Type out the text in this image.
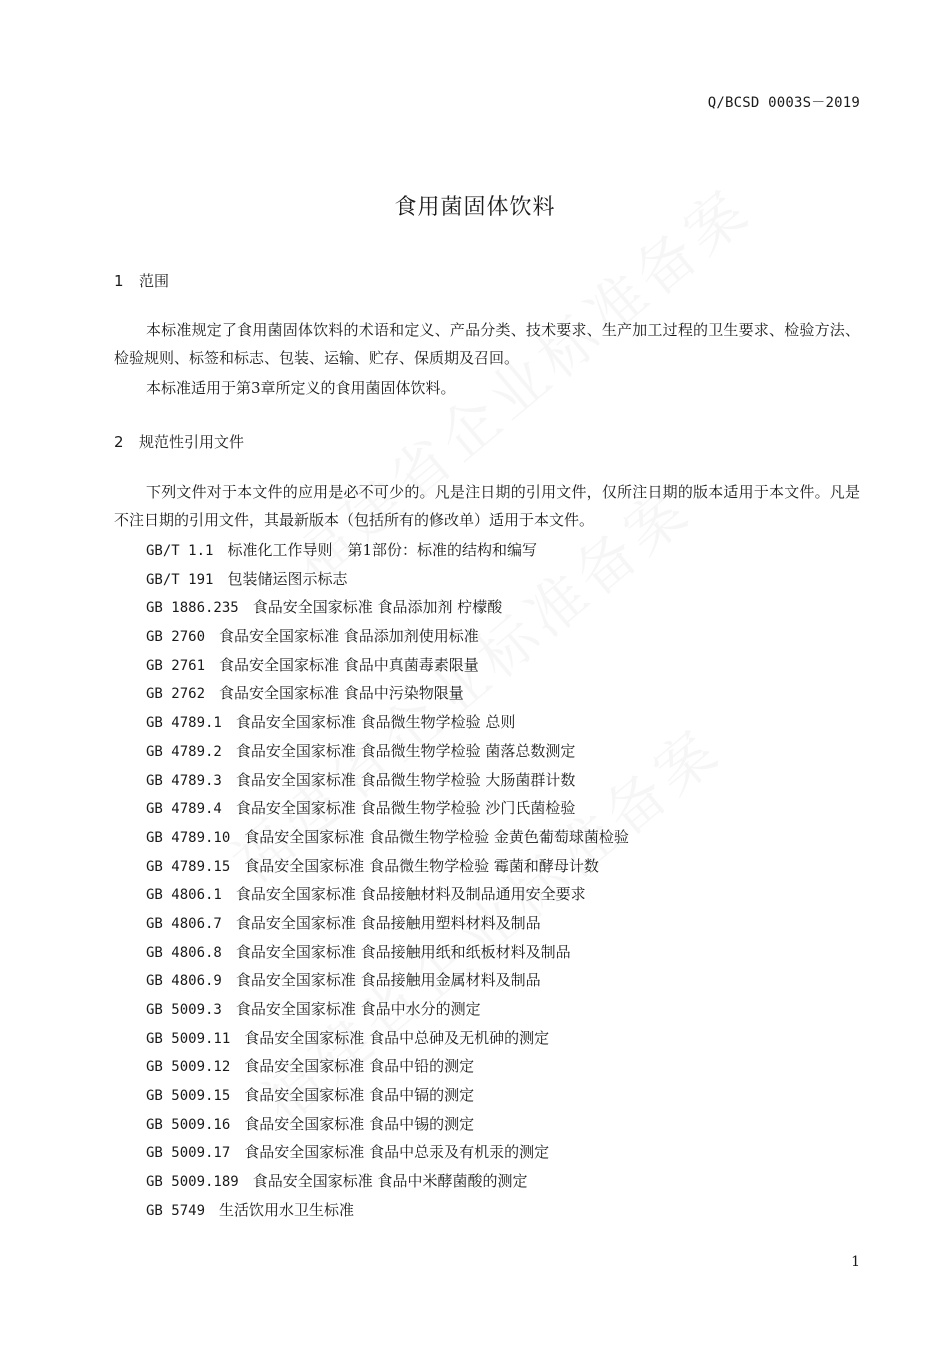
Q/BCSD 0003S－2019
食用菌固体饮料
1 范围
本标准规定了食用菌固体饮料的术语和定义、产品分类、技术要求、生产加工过程的卫生要求、检验方法、检验规则、标签和标志、包装、运输、贮存、保质期及召回。
本标准适用于第3章所定义的食用菌固体饮料。
2 规范性引用文件
下列文件对于本文件的应用是必不可少的。凡是注日期的引用文件，仅所注日期的版本适用于本文件。凡是不注日期的引用文件，其最新版本（包括所有的修改单）适用于本文件。
GB/T 1.1 标准化工作导则　第1部份：标准的结构和编写
GB/T 191 包装储运图示标志
GB 1886.235 食品安全国家标准 食品添加剂 柠檬酸
GB 2760 食品安全国家标准 食品添加剂使用标准
GB 2761 食品安全国家标准 食品中真菌毒素限量
GB 2762 食品安全国家标准 食品中污染物限量
GB 4789.1 食品安全国家标准 食品微生物学检验 总则
GB 4789.2 食品安全国家标准 食品微生物学检验 菌落总数测定
GB 4789.3 食品安全国家标准 食品微生物学检验 大肠菌群计数
GB 4789.4 食品安全国家标准 食品微生物学检验 沙门氏菌检验
GB 4789.10 食品安全国家标准 食品微生物学检验 金黄色葡萄球菌检验
GB 4789.15 食品安全国家标准 食品微生物学检验 霉菌和酵母计数
GB 4806.1 食品安全国家标准 食品接触材料及制品通用安全要求
GB 4806.7 食品安全国家标准 食品接触用塑料材料及制品
GB 4806.8 食品安全国家标准 食品接触用纸和纸板材料及制品
GB 4806.9 食品安全国家标准 食品接触用金属材料及制品
GB 5009.3 食品安全国家标准 食品中水分的测定
GB 5009.11 食品安全国家标准 食品中总砷及无机砷的测定
GB 5009.12 食品安全国家标准 食品中铅的测定
GB 5009.15 食品安全国家标准 食品中镉的测定
GB 5009.16 食品安全国家标准 食品中锡的测定
GB 5009.17 食品安全国家标准 食品中总汞及有机汞的测定
GB 5009.189 食品安全国家标准 食品中米酵菌酸的测定
GB 5749 生活饮用水卫生标准
1
